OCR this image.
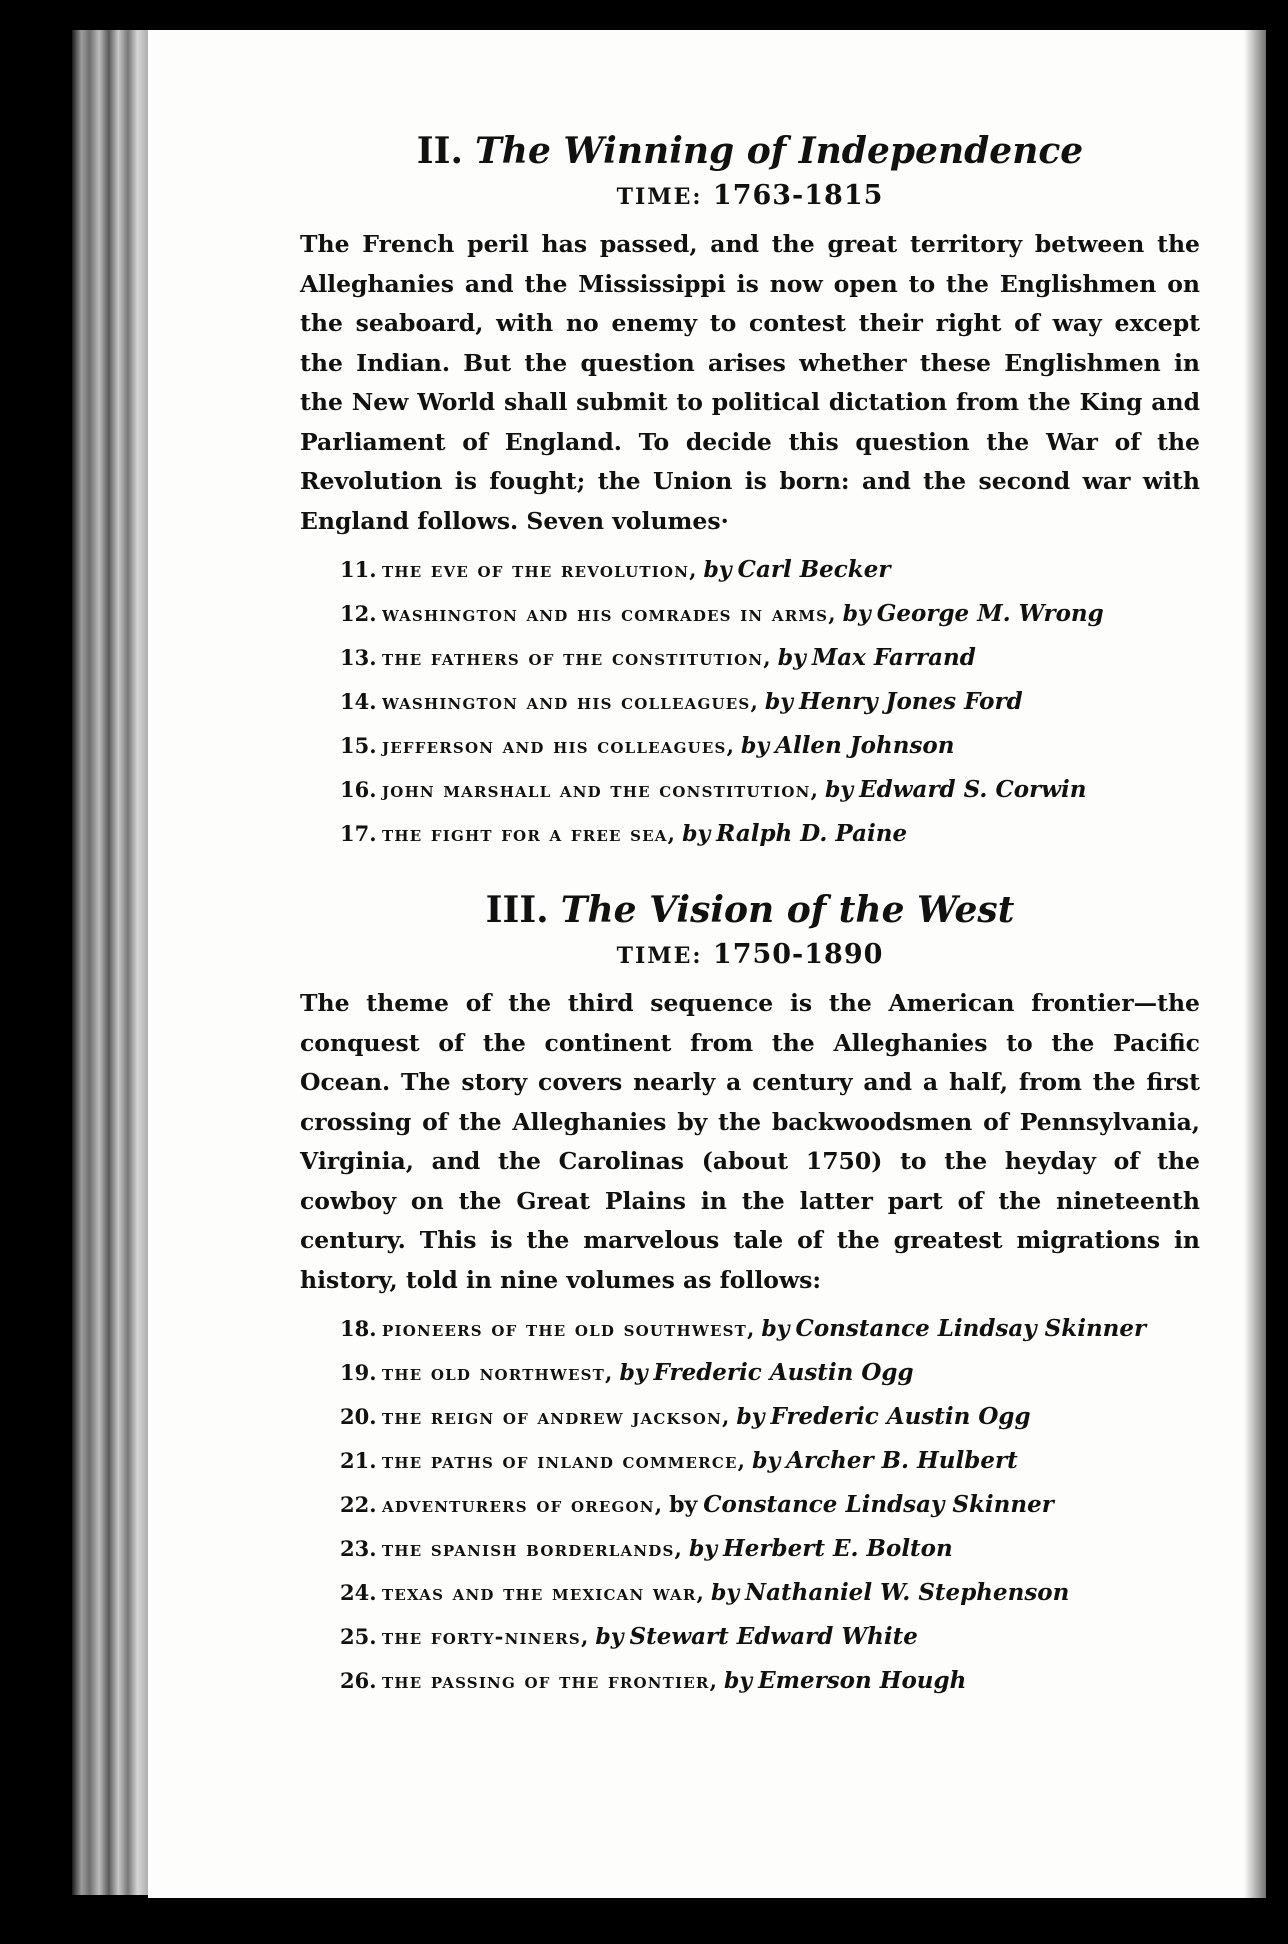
II. The Winning of Independence
TIME: 1763-1815

The French peril has passed, and the great territory between the Alleghanies and the Mississippi is now open to the Englishmen on the seaboard, with no enemy to contest their right of way except the Indian. But the question arises whether these Englishmen in the New World shall submit to political dictation from the King and Parliament of England. To decide this question the War of the Revolution is fought; the Union is born: and the second war with England follows. Seven volumes·

11. the eve of the revolution, by Carl Becker
12. washington and his comrades in arms, by George M. Wrong
13. the fathers of the constitution, by Max Farrand
14. washington and his colleagues, by Henry Jones Ford
15. jefferson and his colleagues, by Allen Johnson
16. john marshall and the constitution, by Edward S. Corwin
17. the fight for a free sea, by Ralph D. Paine
III. The Vision of the West
TIME: 1750-1890

The theme of the third sequence is the American frontier—the conquest of the continent from the Alleghanies to the Pacific Ocean. The story covers nearly a century and a half, from the first crossing of the Alleghanies by the backwoodsmen of Pennsylvania, Virginia, and the Carolinas (about 1750) to the heyday of the cowboy on the Great Plains in the latter part of the nineteenth century. This is the marvelous tale of the greatest migrations in history, told in nine volumes as follows:

18. pioneers of the old southwest, by Constance Lindsay Skinner
19. the old northwest, by Frederic Austin Ogg
20. the reign of andrew jackson, by Frederic Austin Ogg
21. the paths of inland commerce, by Archer B. Hulbert
22. adventurers of oregon, by Constance Lindsay Skinner
23. the spanish borderlands, by Herbert E. Bolton
24. texas and the mexican war, by Nathaniel W. Stephenson
25. the forty-niners, by Stewart Edward White
26. the passing of the frontier, by Emerson Hough
